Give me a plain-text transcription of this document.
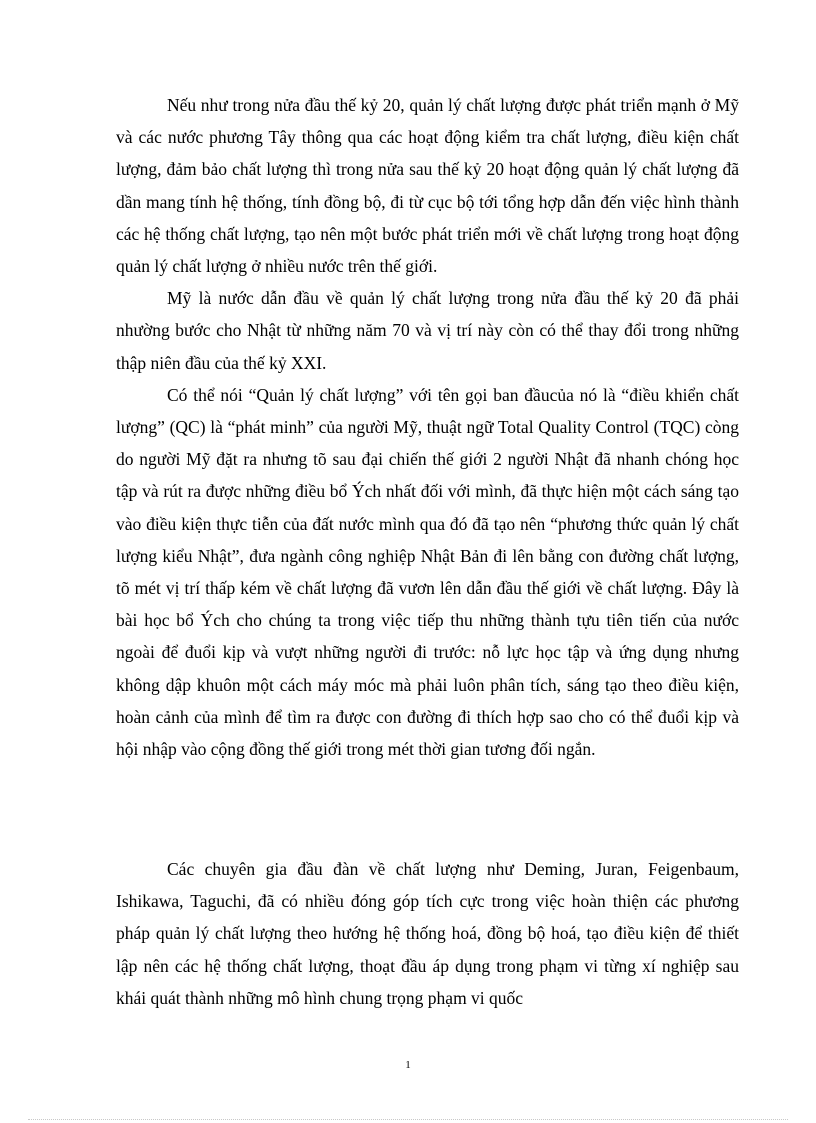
Nếu như trong nửa đầu thế kỷ 20, quản lý chất lượng được phát triển mạnh ở Mỹ và các nước phương Tây thông qua các hoạt động kiểm tra chất lượng, điều kiện chất lượng, đảm bảo chất lượng thì trong nửa sau thế kỷ 20 hoạt động quản lý chất lượng đã dần mang tính hệ thống, tính đồng bộ, đi từ cục bộ tới tổng hợp dẫn đến việc hình thành các hệ thống chất lượng, tạo nên một bước phát triển mới về chất lượng trong hoạt động quản lý chất lượng ở nhiều nước trên thế giới.

Mỹ là nước dẫn đầu về quản lý chất lượng trong nửa đầu thế kỷ 20 đã phải nhường bước cho Nhật từ những năm 70 và vị trí này còn có thể thay đổi trong những thập niên đầu của thế kỷ XXI.

Có thể nói “Quản lý chất lượng” với tên gọi ban đầucủa nó là “điều khiển chất lượng” (QC) là “phát minh” của người Mỹ, thuật ngữ Total Quality Control (TQC) còng do người Mỹ đặt ra nhưng tõ sau đại chiến thế giới 2 người Nhật đã nhanh chóng học tập và rút ra được những điều bổ Ých nhất đối với mình, đã thực hiện một cách sáng tạo vào điều kiện thực tiễn của đất nước mình qua đó đã tạo nên “phương thức quản lý chất lượng kiểu Nhật”, đưa ngành công nghiệp Nhật Bản đi lên bằng con đường chất lượng, tõ mét vị trí thấp kém về chất lượng đã vươn lên dẫn đầu thế giới về chất lượng. Đây là bài học bổ Ých cho chúng ta trong việc tiếp thu những thành tựu tiên tiến của nước ngoài để đuổi kịp và vượt những người đi trước: nỗ lực học tập và ứng dụng nhưng không dập khuôn một cách máy móc mà phải luôn phân tích, sáng tạo theo điều kiện, hoàn cảnh của mình để tìm ra được con đường đi thích hợp sao cho có thể đuổi kịp và hội nhập vào cộng đồng thế giới trong mét thời gian tương đối ngắn.

Các chuyên gia đầu đàn về chất lượng như Deming, Juran, Feigenbaum, Ishikawa, Taguchi, đã có nhiều đóng góp tích cực trong việc hoàn thiện các phương pháp quản lý chất lượng theo hướng hệ thống hoá, đồng bộ hoá, tạo điều kiện để thiết lập nên các hệ thống chất lượng, thoạt đầu áp dụng trong phạm vi từng xí nghiệp sau khái quát thành những mô hình chung trọng phạm vi quốc

1
